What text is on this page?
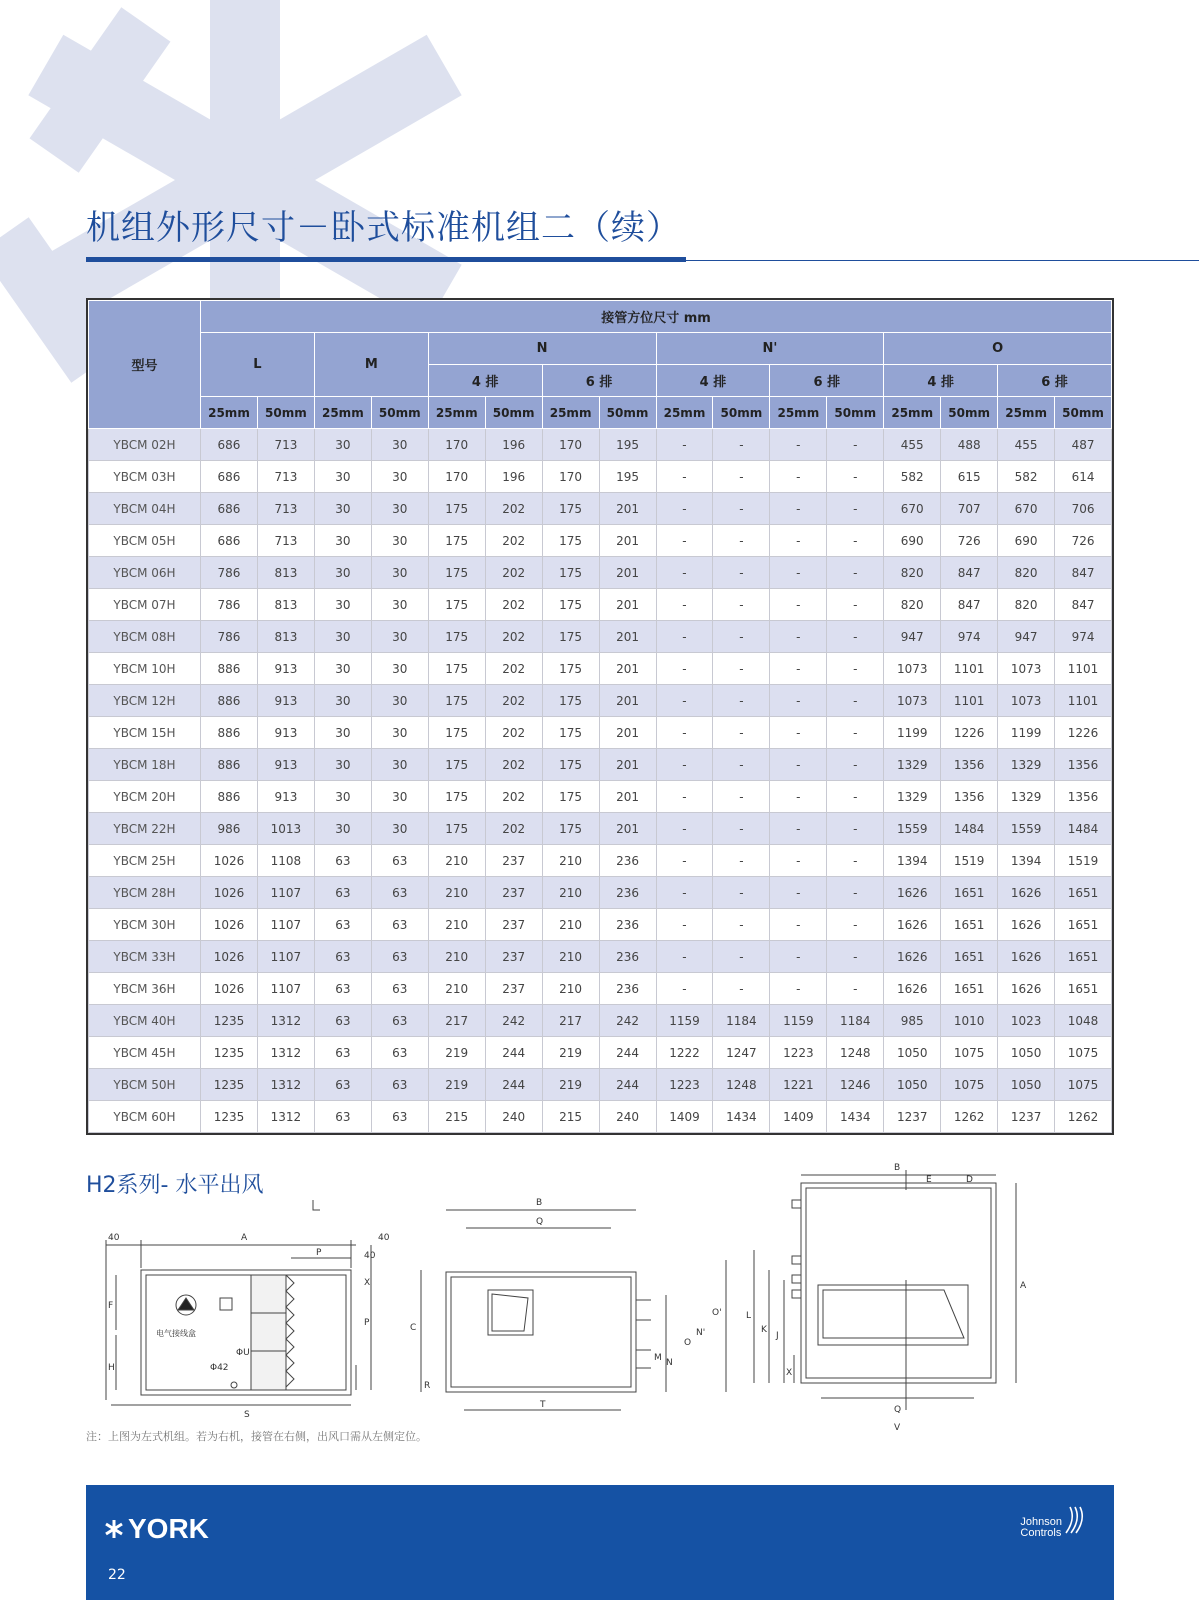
机组外形尺寸－卧式标准机组二（续）
型号	接管方位尺寸 mm															
	L		M		N				N'				O			
					4 排		6 排		4 排		6 排		4 排		6 排	
	25mm	50mm	25mm	50mm	25mm	50mm	25mm	50mm	25mm	50mm	25mm	50mm	25mm	50mm	25mm	50mm
YBCM 02H	686	713	30	30	170	196	170	195	-	-	-	-	455	488	455	487
YBCM 03H	686	713	30	30	170	196	170	195	-	-	-	-	582	615	582	614
YBCM 04H	686	713	30	30	175	202	175	201	-	-	-	-	670	707	670	706
YBCM 05H	686	713	30	30	175	202	175	201	-	-	-	-	690	726	690	726
YBCM 06H	786	813	30	30	175	202	175	201	-	-	-	-	820	847	820	847
YBCM 07H	786	813	30	30	175	202	175	201	-	-	-	-	820	847	820	847
YBCM 08H	786	813	30	30	175	202	175	201	-	-	-	-	947	974	947	974
YBCM 10H	886	913	30	30	175	202	175	201	-	-	-	-	1073	1101	1073	1101
YBCM 12H	886	913	30	30	175	202	175	201	-	-	-	-	1073	1101	1073	1101
YBCM 15H	886	913	30	30	175	202	175	201	-	-	-	-	1199	1226	1199	1226
YBCM 18H	886	913	30	30	175	202	175	201	-	-	-	-	1329	1356	1329	1356
YBCM 20H	886	913	30	30	175	202	175	201	-	-	-	-	1329	1356	1329	1356
YBCM 22H	986	1013	30	30	175	202	175	201	-	-	-	-	1559	1484	1559	1484
YBCM 25H	1026	1108	63	63	210	237	210	236	-	-	-	-	1394	1519	1394	1519
YBCM 28H	1026	1107	63	63	210	237	210	236	-	-	-	-	1626	1651	1626	1651
YBCM 30H	1026	1107	63	63	210	237	210	236	-	-	-	-	1626	1651	1626	1651
YBCM 33H	1026	1107	63	63	210	237	210	236	-	-	-	-	1626	1651	1626	1651
YBCM 36H	1026	1107	63	63	210	237	210	236	-	-	-	-	1626	1651	1626	1651
YBCM 40H	1235	1312	63	63	217	242	217	242	1159	1184	1159	1184	985	1010	1023	1048
YBCM 45H	1235	1312	63	63	219	244	219	244	1222	1247	1223	1248	1050	1075	1050	1075
YBCM 50H	1235	1312	63	63	219	244	219	244	1223	1248	1221	1246	1050	1075	1050	1075
YBCM 60H	1235	1312	63	63	215	240	215	240	1409	1434	1409	1434	1237	1262	1237	1262
H2系列- 水平出风
40	A	40
P	40
X
F
H
P
S
电气接线盒
ΦU
Φ42
B
Q
C
O'
N'
O
M N
R
T
B
E	D
A
L
K
J
X
Q
V
注：上图为左式机组。若为右机，接管在右侧，出风口需从左侧定位。
YORK
22
Johnson
Controls
